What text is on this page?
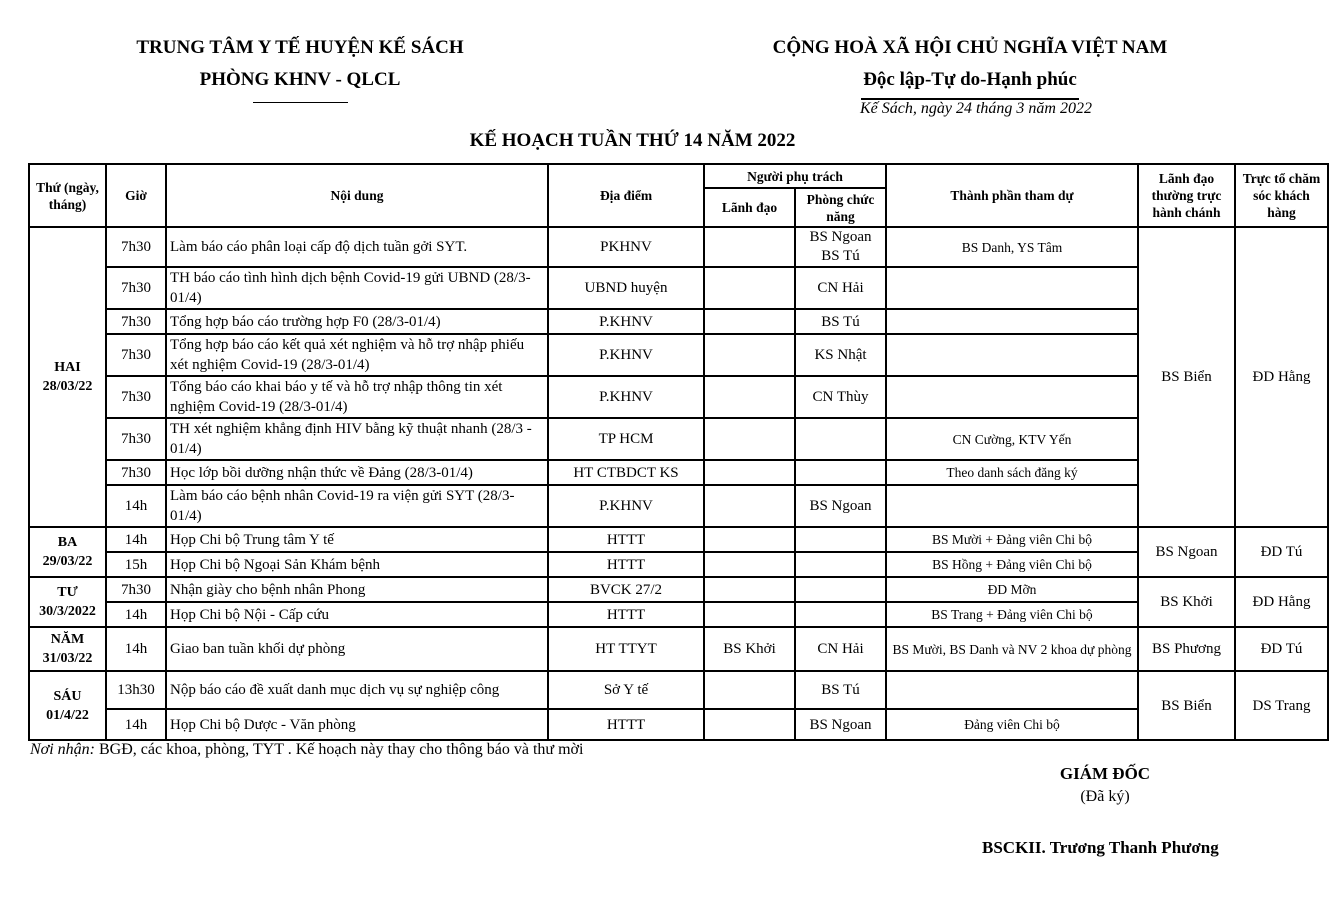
TRUNG TÂM Y TẾ HUYỆN KẾ SÁCH
PHÒNG KHNV - QLCL
CỘNG HOÀ XÃ HỘI CHỦ NGHĨA VIỆT NAM
Độc lập-Tự do-Hạnh phúc
Kế Sách, ngày 24 tháng 3 năm 2022
KẾ HOẠCH TUẦN THỨ 14 NĂM 2022
Thứ (ngày, tháng)	Giờ	Nội dung	Địa điểm	Người phụ trách		Thành phần tham dự	Lãnh đạo thường trực hành chánh	Trực tổ chăm sóc khách hàng
				Lãnh đạo	Phòng chức năng			

HAI
28/03/22	7h30	Làm báo cáo phân loại cấp độ dịch tuần gởi SYT.	PKHNV		BS Ngoan BS Tú	BS Danh, YS Tâm	BS Biển	ĐD Hằng
	7h30	TH báo cáo tình hình dịch bệnh Covid-19 gửi UBND (28/3-01/4)	UBND huyện		CN Hải			
	7h30	Tổng hợp báo cáo trường hợp F0 (28/3-01/4)	P.KHNV		BS Tú			
	7h30	Tổng hợp báo cáo kết quả xét nghiệm và hỗ trợ nhập phiếu xét nghiệm Covid-19 (28/3-01/4)	P.KHNV		KS Nhật			
	7h30	Tổng báo cáo khai báo y tế và hỗ trợ nhập thông tin xét nghiệm Covid-19 (28/3-01/4)	P.KHNV		CN Thùy			
	7h30	TH xét nghiệm khẳng định HIV bằng kỹ thuật nhanh (28/3 - 01/4)	TP HCM			CN Cường, KTV Yến		
	7h30	Học lớp bồi dưỡng nhận thức về Đảng (28/3-01/4)	HT CTBDCT KS			Theo danh sách đăng ký		
	14h	Làm báo cáo bệnh nhân Covid-19 ra viện gửi SYT (28/3-01/4)	P.KHNV		BS Ngoan			

BA
29/03/22	14h	Họp Chi bộ Trung tâm Y tế	HTTT			BS Mười + Đảng viên Chi bộ	BS Ngoan	ĐD Tú
	15h	Họp Chi bộ Ngoại Sản Khám bệnh	HTTT			BS Hồng + Đảng viên Chi bộ		

TƯ
30/3/2022	7h30	Nhận giày cho bệnh nhân Phong	BVCK 27/2			ĐD Mỡn	BS Khởi	ĐD Hằng
	14h	Họp Chi bộ Nội - Cấp cứu	HTTT			BS Trang + Đảng viên Chi bộ		

NĂM
31/03/22	14h	Giao ban tuần khối dự phòng	HT TTYT	BS Khởi	CN Hải	BS Mười, BS Danh và NV 2 khoa dự phòng	BS Phương	ĐD Tú

SÁU
01/4/22	13h30	Nộp báo cáo đề xuất danh mục dịch vụ sự nghiệp công	Sở Y tế		BS Tú		BS Biển	DS Trang
	14h	Họp Chi bộ Dược - Văn phòng	HTTT		BS Ngoan	Đảng viên Chi bộ		
Nơi nhận: BGĐ, các khoa, phòng, TYT . Kế hoạch này thay cho thông báo và thư mời
GIÁM ĐỐC
(Đã ký)
BSCKII. Trương Thanh Phương
